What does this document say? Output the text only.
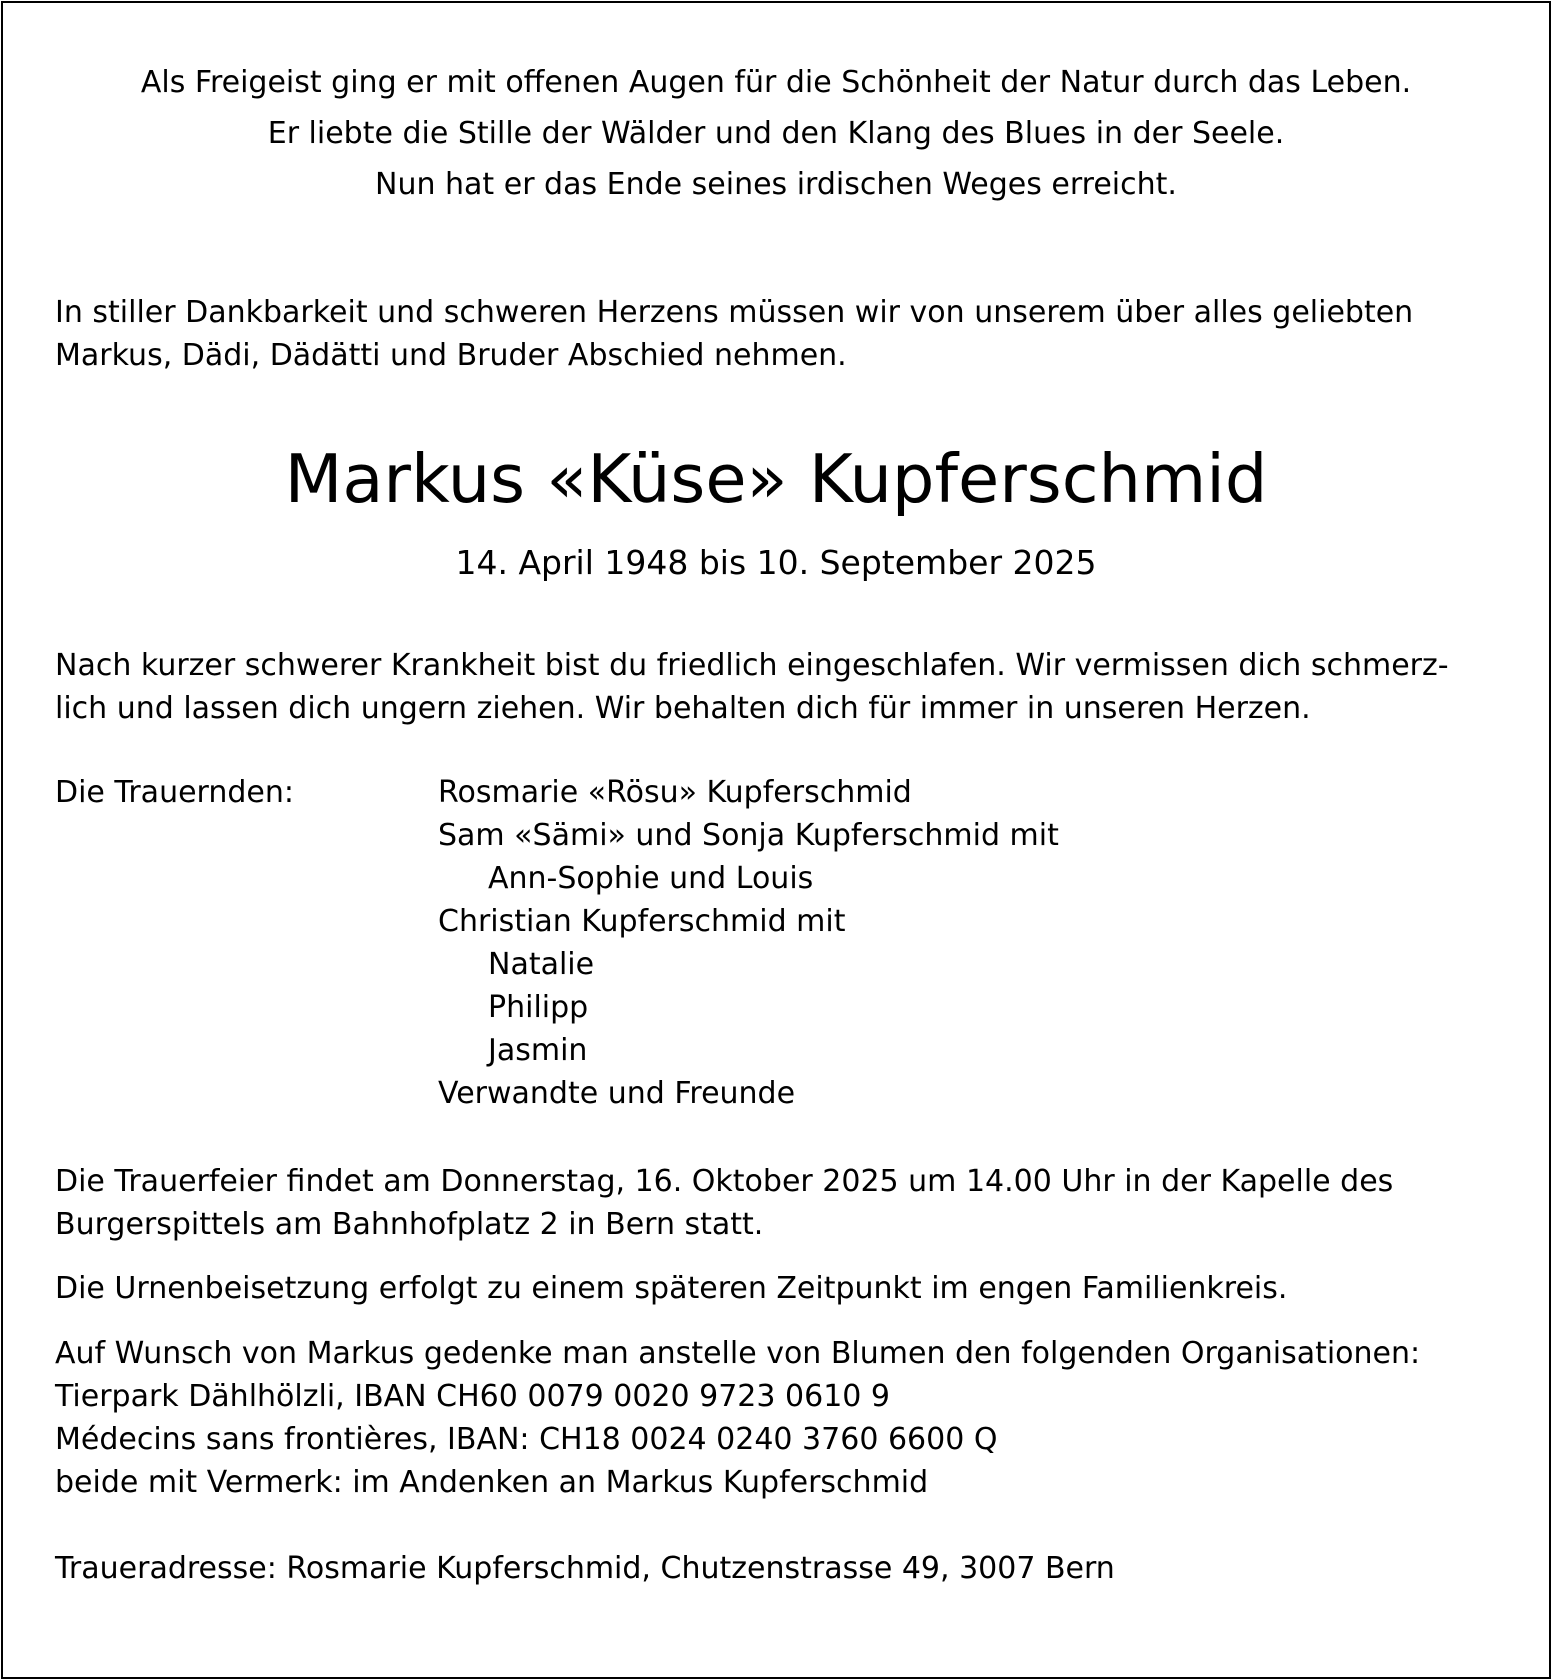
Als Freigeist ging er mit offenen Augen für die Schönheit der Natur durch das Leben.
Er liebte die Stille der Wälder und den Klang des Blues in der Seele.
Nun hat er das Ende seines irdischen Weges erreicht.
In stiller Dankbarkeit und schweren Herzens müssen wir von unserem über alles geliebten
Markus, Dädi, Dädätti und Bruder Abschied nehmen.
Markus «Küse» Kupferschmid
14. April 1948 bis 10. September 2025
Nach kurzer schwerer Krankheit bist du friedlich eingeschlafen. Wir vermissen dich schmerz-
lich und lassen dich ungern ziehen. Wir behalten dich für immer in unseren Herzen.
Die Trauernden:	Rosmarie «Rösu» Kupferschmid
Sam «Sämi» und Sonja Kupferschmid mit
Ann-Sophie und Louis
Christian Kupferschmid mit
Natalie
Philipp
Jasmin
Verwandte und Freunde
Die Trauerfeier findet am Donnerstag, 16. Oktober 2025 um 14.00 Uhr in der Kapelle des
Burgerspittels am Bahnhofplatz 2 in Bern statt.
Die Urnenbeisetzung erfolgt zu einem späteren Zeitpunkt im engen Familienkreis.
Auf Wunsch von Markus gedenke man anstelle von Blumen den folgenden Organisationen:
Tierpark Dählhölzli, IBAN CH60 0079 0020 9723 0610 9
Médecins sans frontières, IBAN: CH18 0024 0240 3760 6600 Q
beide mit Vermerk: im Andenken an Markus Kupferschmid
Traueradresse: Rosmarie Kupferschmid, Chutzenstrasse 49, 3007 Bern
